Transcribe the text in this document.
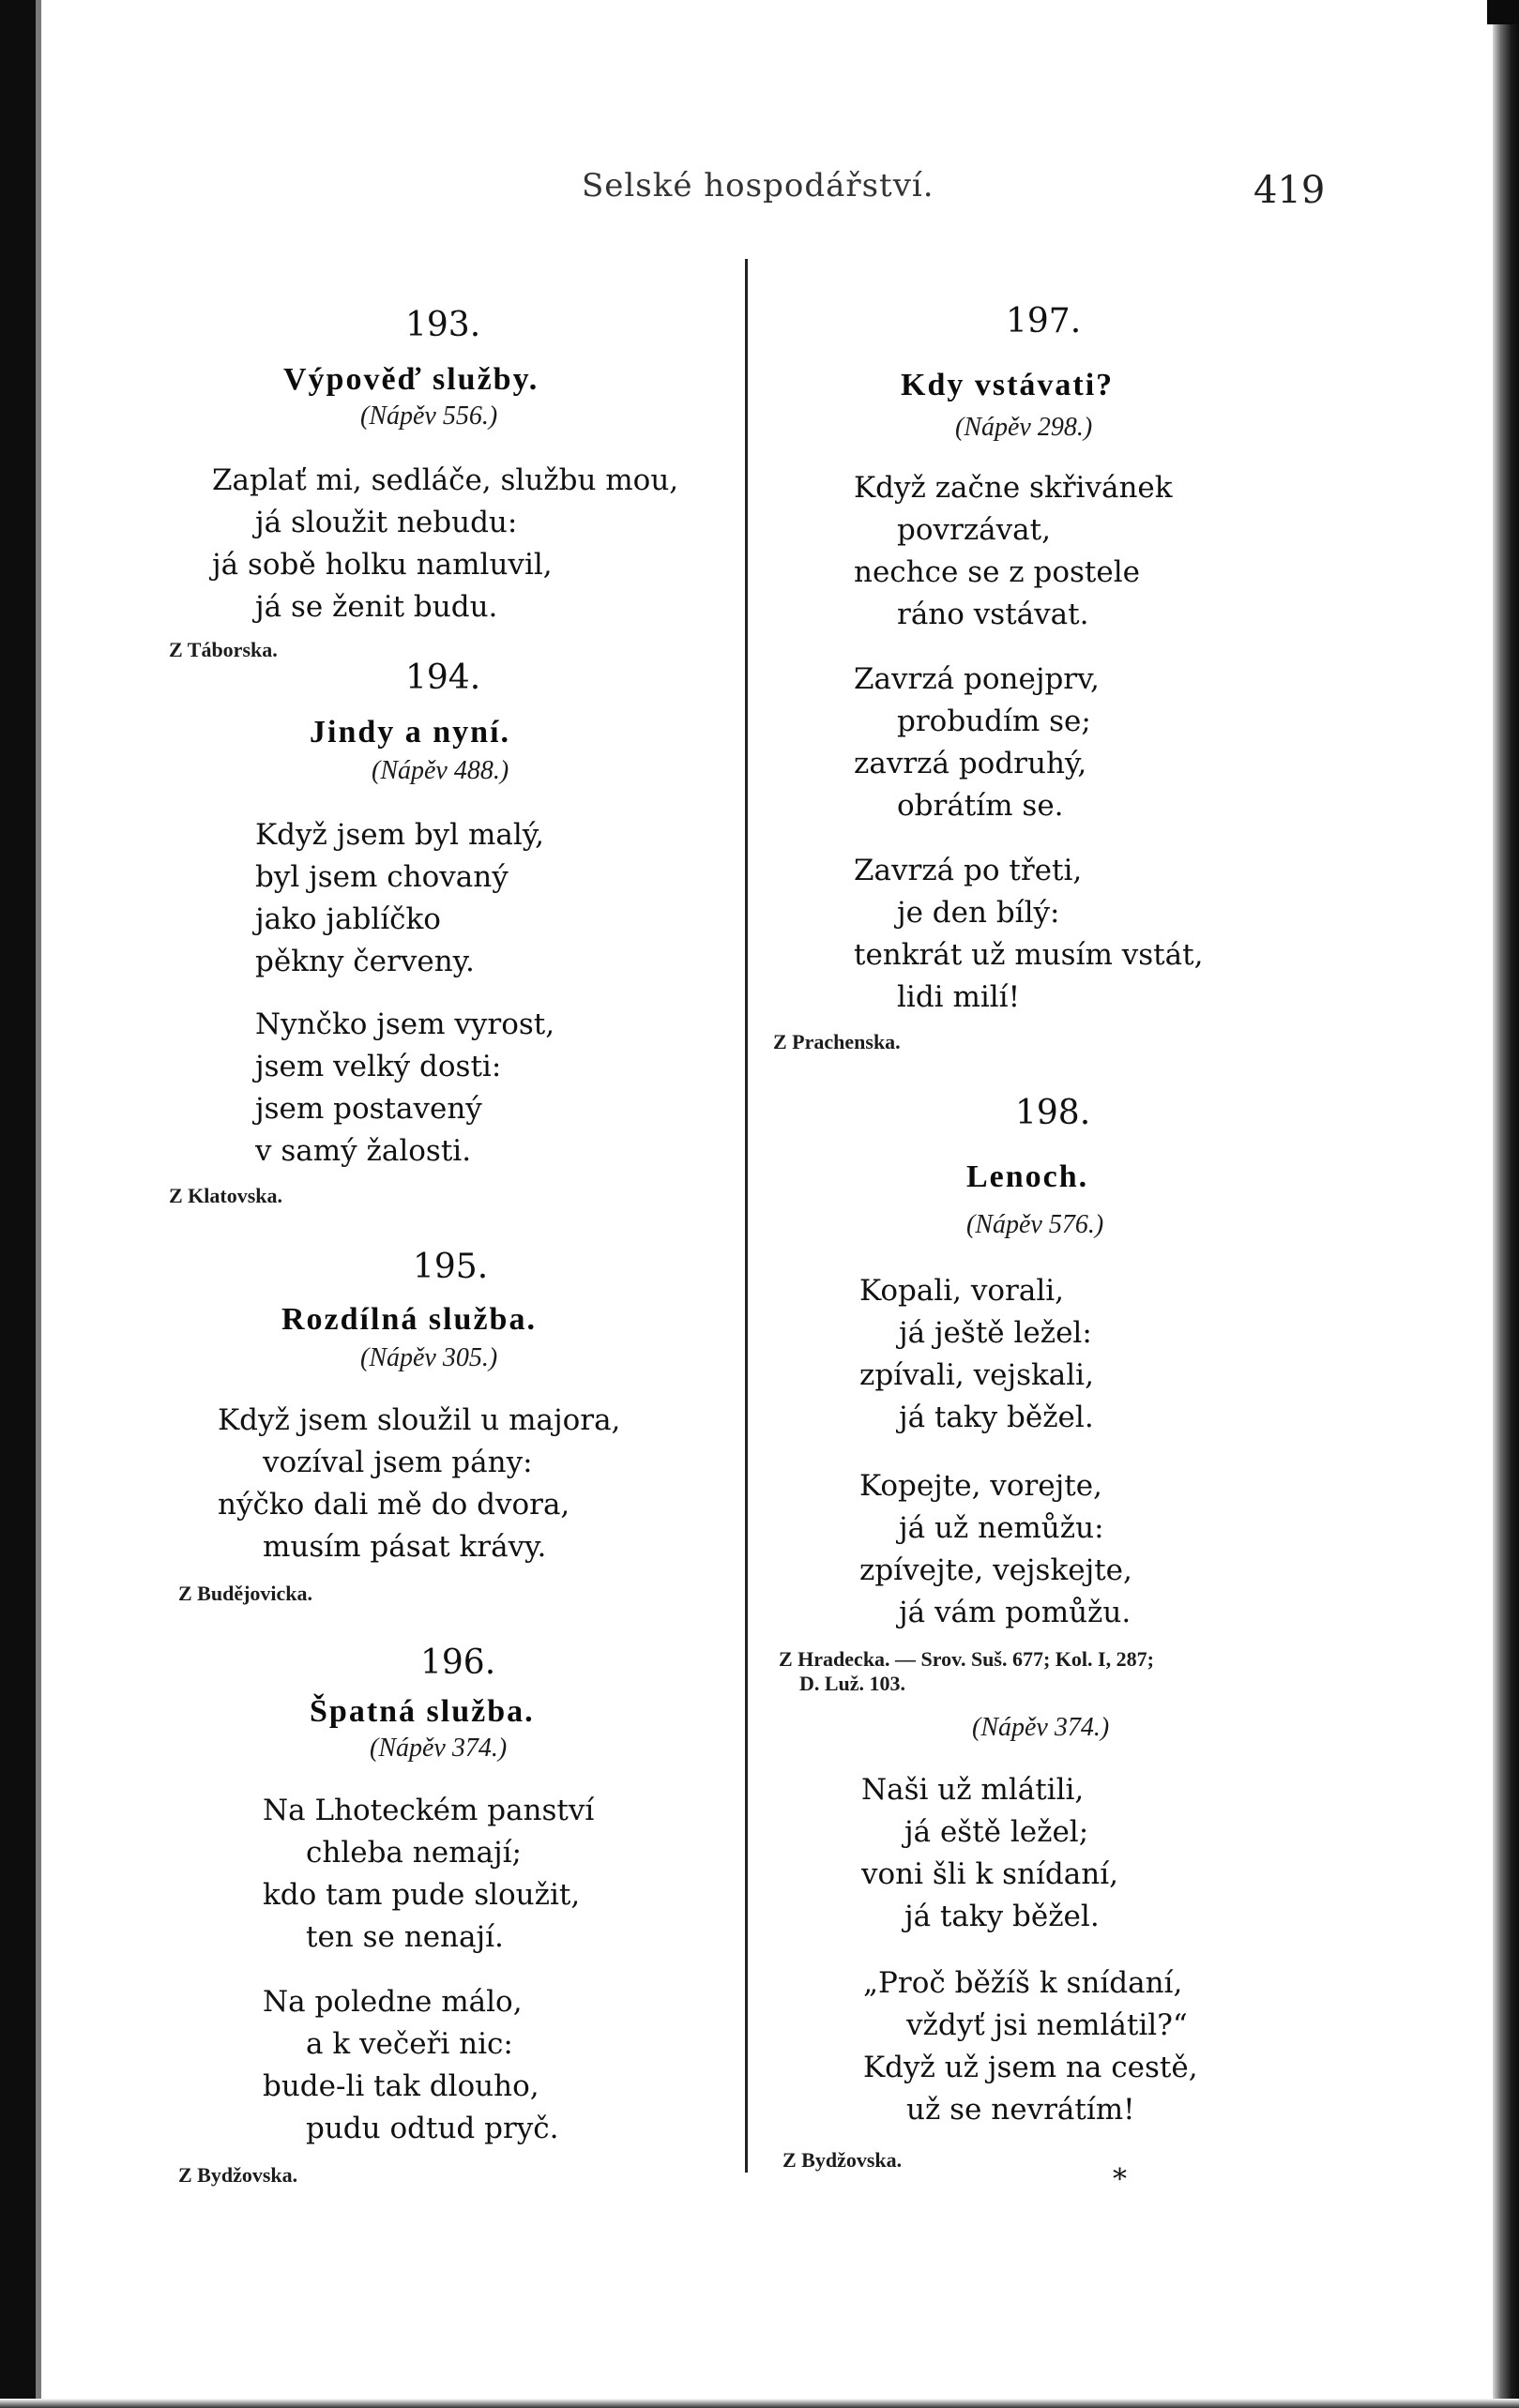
Selské hospodářství.	419
193.
Výpověď služby.
(Nápěv 556.)
Zaplať mi, sedláče, službu mou,
já sloužit nebudu:
já sobě holku namluvil,
já se ženit budu.
Z Táborska.
194.
Jindy a nyní.
(Nápěv 488.)
Když jsem byl malý,
byl jsem chovaný
jako jablíčko
pěkny červeny.
Nynčko jsem vyrost,
jsem velký dosti:
jsem postavený
v samý žalosti.
Z Klatovska.
195.
Rozdílná služba.
(Nápěv 305.)
Když jsem sloužil u majora,
vozíval jsem pány:
nýčko dali mě do dvora,
musím pásat krávy.
Z Budějovicka.
196.
Špatná služba.
(Nápěv 374.)
Na Lhoteckém panství
chleba nemají;
kdo tam pude sloužit,
ten se nenají.
Na poledne málo,
a k večeři nic:
bude-li tak dlouho,
pudu odtud pryč.
Z Bydžovska.
197.
Kdy vstávati?
(Nápěv 298.)
Když začne skřivánek
povrzávat,
nechce se z postele
ráno vstávat.
Zavrzá ponejprv,
probudím se;
zavrzá podruhý,
obrátím se.
Zavrzá po třeti,
je den bílý:
tenkrát už musím vstát,
lidi milí!
Z Prachenska.
198.
Lenoch.
(Nápěv 576.)
Kopali, vorali,
já ještě ležel:
zpívali, vejskali,
já taky běžel.
Kopejte, vorejte,
já už nemůžu:
zpívejte, vejskejte,
já vám pomůžu.
Z Hradecka. — Srov. Suš. 677; Kol. I, 287;
D. Luž. 103.
(Nápěv 374.)
Naši už mlátili,
já eště ležel;
voni šli k snídaní,
já taky běžel.
„Proč běžíš k snídaní,
vždyť jsi nemlátil?“
Když už jsem na cestě,
už se nevrátím!
Z Bydžovska.
*
